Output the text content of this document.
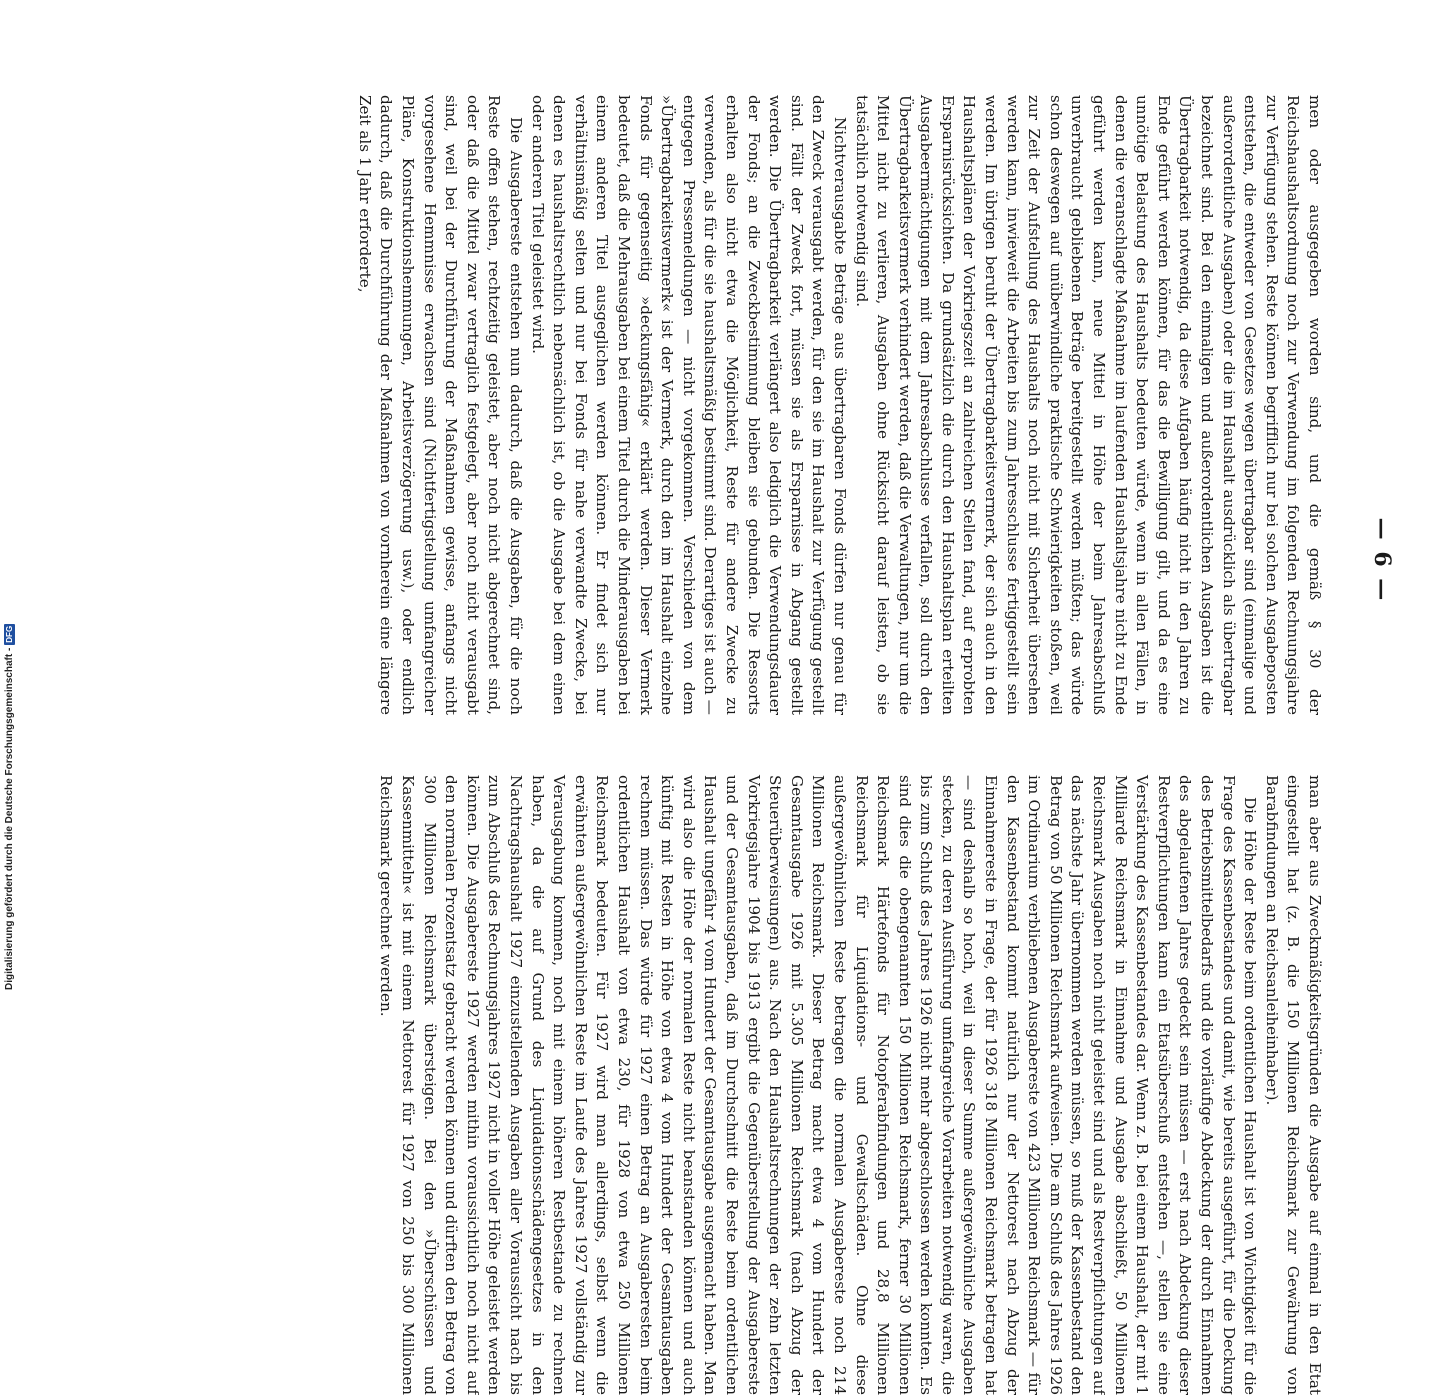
— 6 —

men oder ausgegeben worden sind, und die gemäß § 30 der Reichshaushaltsordnung noch zur Verwendung im folgenden Rechnungsjahre zur Verfügung stehen. Reste können begrifflich nur bei solchen Ausgabeposten entstehen, die entweder von Gesetzes wegen übertragbar sind (einmalige und außerordentliche Ausgaben) oder die im Haushalt ausdrücklich als übertragbar bezeichnet sind. Bei den einmaligen und außerordentlichen Ausgaben ist die Übertragbarkeit notwendig, da diese Aufgaben häufig nicht in den Jahren zu Ende geführt werden können, für das die Bewilligung gilt, und da es eine unnötige Belastung des Haushalts bedeuten würde, wenn in allen Fällen, in denen die veranschlagte Maßnahme im laufenden Haushaltsjahre nicht zu Ende geführt werden kann, neue Mittel in Höhe der beim Jahresabschluß unverbraucht gebliebenen Beträge bereitgestellt werden müßten; das würde schon deswegen auf unüberwindliche praktische Schwierigkeiten stoßen, weil zur Zeit der Aufstellung des Haushalts noch nicht mit Sicherheit übersehen werden kann, inwieweit die Arbeiten bis zum Jahresschlusse fertiggestellt sein werden. Im übrigen beruht der Übertragbarkeitsvermerk, der sich auch in den Haushaltsplänen der Vorkriegszeit an zahlreichen Stellen fand, auf erprobten Ersparnisrücksichten. Da grundsätzlich die durch den Haushaltsplan erteilten Ausgabeermächtigungen mit dem Jahresabschlusse verfallen, soll durch den Übertragbarkeitsvermerk verhindert werden, daß die Verwaltungen, nur um die Mittel nicht zu verlieren, Ausgaben ohne Rücksicht darauf leisten, ob sie tatsächlich notwendig sind.

Nichtverausgabte Beträge aus übertragbaren Fonds dürfen nur genau für den Zweck verausgabt werden, für den sie im Haushalt zur Verfügung gestellt sind. Fällt der Zweck fort, müssen sie als Ersparnisse in Abgang gestellt werden. Die Übertragbarkeit verlängert also lediglich die Verwendungsdauer der Fonds; an die Zweckbestimmung bleiben sie gebunden. Die Ressorts erhalten also nicht etwa die Möglichkeit, Reste für andere Zwecke zu verwenden, als für die sie haushaltsmäßig bestimmt sind. Derartiges ist auch — entgegen Pressemeldungen — nicht vorgekommen. Verschieden von dem »Übertragbarkeitsvermerk« ist der Vermerk, durch den im Haushalt einzelne Fonds für gegenseitig »deckungsfähig« erklärt werden. Dieser Vermerk bedeutet, daß die Mehrausgaben bei einem Titel durch die Minderausgaben bei einem anderen Titel ausgeglichen werden können. Er findet sich nur verhältnismäßig selten und nur bei Fonds für nahe verwandte Zwecke, bei denen es haushaltsrechtlich nebensächlich ist, ob die Ausgabe bei dem einen oder anderen Titel geleistet wird.

Die Ausgabereste entstehen nun dadurch, daß die Ausgaben, für die noch Reste offen stehen, rechtzeitig geleistet, aber noch nicht abgerechnet sind, oder daß die Mittel zwar vertraglich festgelegt, aber noch nicht verausgabt sind, weil bei der Durchführung der Maßnahmen gewisse, anfangs nicht vorgesehene Hemmnisse erwachsen sind (Nichtfertigstellung umfangreicher Pläne, Konstruktionshemmungen, Arbeitsverzögerung usw.), oder endlich dadurch, daß die Durchführung der Maßnahmen von vornherein eine längere Zeit als 1 Jahr erforderte,

man aber aus Zweckmäßigkeitsgründen die Ausgabe auf einmal in den Etat eingestellt hat (z. B. die 150 Millionen Reichsmark zur Gewährung von Barabfindungen an Reichsanleiheinhaber).

Die Höhe der Reste beim ordentlichen Haushalt ist von Wichtigkeit für die Frage des Kassenbestandes und damit, wie bereits ausgeführt, für die Deckung des Betriebsmittelbedarfs und die vorläufige Abdeckung der durch Einnahmen des abgelaufenen Jahres gedeckt sein müssen — erst nach Abdeckung dieser Restverpflichtungen kann ein Etatsüberschuß entstehen —, stellen sie eine Verstärkung des Kassenbestandes dar. Wenn z. B. bei einem Haushalt, der mit 1 Milliarde Reichsmark in Einnahme und Ausgabe abschließt, 50 Millionen Reichsmark Ausgaben noch nicht geleistet sind und als Restverpflichtungen auf das nächste Jahr übernommen werden müssen, so muß der Kassenbestand den Betrag von 50 Millionen Reichsmark aufweisen. Die am Schluß des Jahres 1926 im Ordinarium verbliebenen Ausgabereste von 423 Millionen Reichsmark — für den Kassenbestand kommt natürlich nur der Nettorest nach Abzug der Einnahmereste in Frage, der für 1926 318 Millionen Reichsmark betragen hat — sind deshalb so hoch, weil in dieser Summe außergewöhnliche Ausgaben stecken, zu deren Ausführung umfangreiche Vorarbeiten notwendig waren, die bis zum Schluß des Jahres 1926 nicht mehr abgeschlossen werden konnten. Es sind dies die obengenannten 150 Millionen Reichsmark, ferner 30 Millionen Reichsmark Härtefonds für Notopferabfindungen und 28,8 Millionen Reichsmark für Liquidations- und Gewaltschäden. Ohne diese außergewöhnlichen Reste betragen die normalen Ausgabereste noch 214 Millionen Reichsmark. Dieser Betrag macht etwa 4 vom Hundert der Gesamtausgabe 1926 mit 5.305 Millionen Reichsmark (nach Abzug der Steuerüberweisungen) aus. Nach den Haushaltsrechnungen der zehn letzten Vorkriegsjahre 1904 bis 1913 ergibt die Gegenüberstellung der Ausgabereste und der Gesamtausgaben, daß im Durchschnitt die Reste beim ordentlichen Haushalt ungefähr 4 vom Hundert der Gesamtausgabe ausgemacht haben. Man wird also die Höhe der normalen Reste nicht beanstanden können und auch künftig mit Resten in Höhe von etwa 4 vom Hundert der Gesamtausgaben rechnen müssen. Das würde für 1927 einen Betrag an Ausgaberesten beim ordentlichen Haushalt von etwa 230, für 1928 von etwa 250 Millionen Reichsmark bedeuten. Für 1927 wird man allerdings, selbst wenn die erwähnten außergewöhnlichen Reste im Laufe des Jahres 1927 vollständig zur Verausgabung kommen, noch mit einem höheren Restbestande zu rechnen haben, da die auf Grund des Liquidationsschädengesetzes in den Nachtragshaushalt 1927 einzustellenden Ausgaben aller Voraussicht nach bis zum Abschluß des Rechnungsjahres 1927 nicht in voller Höhe geleistet werden können. Die Ausgabereste 1927 werden mithin voraussichtlich noch nicht auf den normalen Prozentsatz gebracht werden können und dürften den Betrag von 300 Millionen Reichsmark übersteigen. Bei den »Überschüssen und Kassenmitteln« ist mit einem Nettorest für 1927 von 250 bis 300 Millionen Reichsmark gerechnet werden.

Digitalisierung gefördert durch die Deutsche Forschungsgemeinschaft -
DFG
